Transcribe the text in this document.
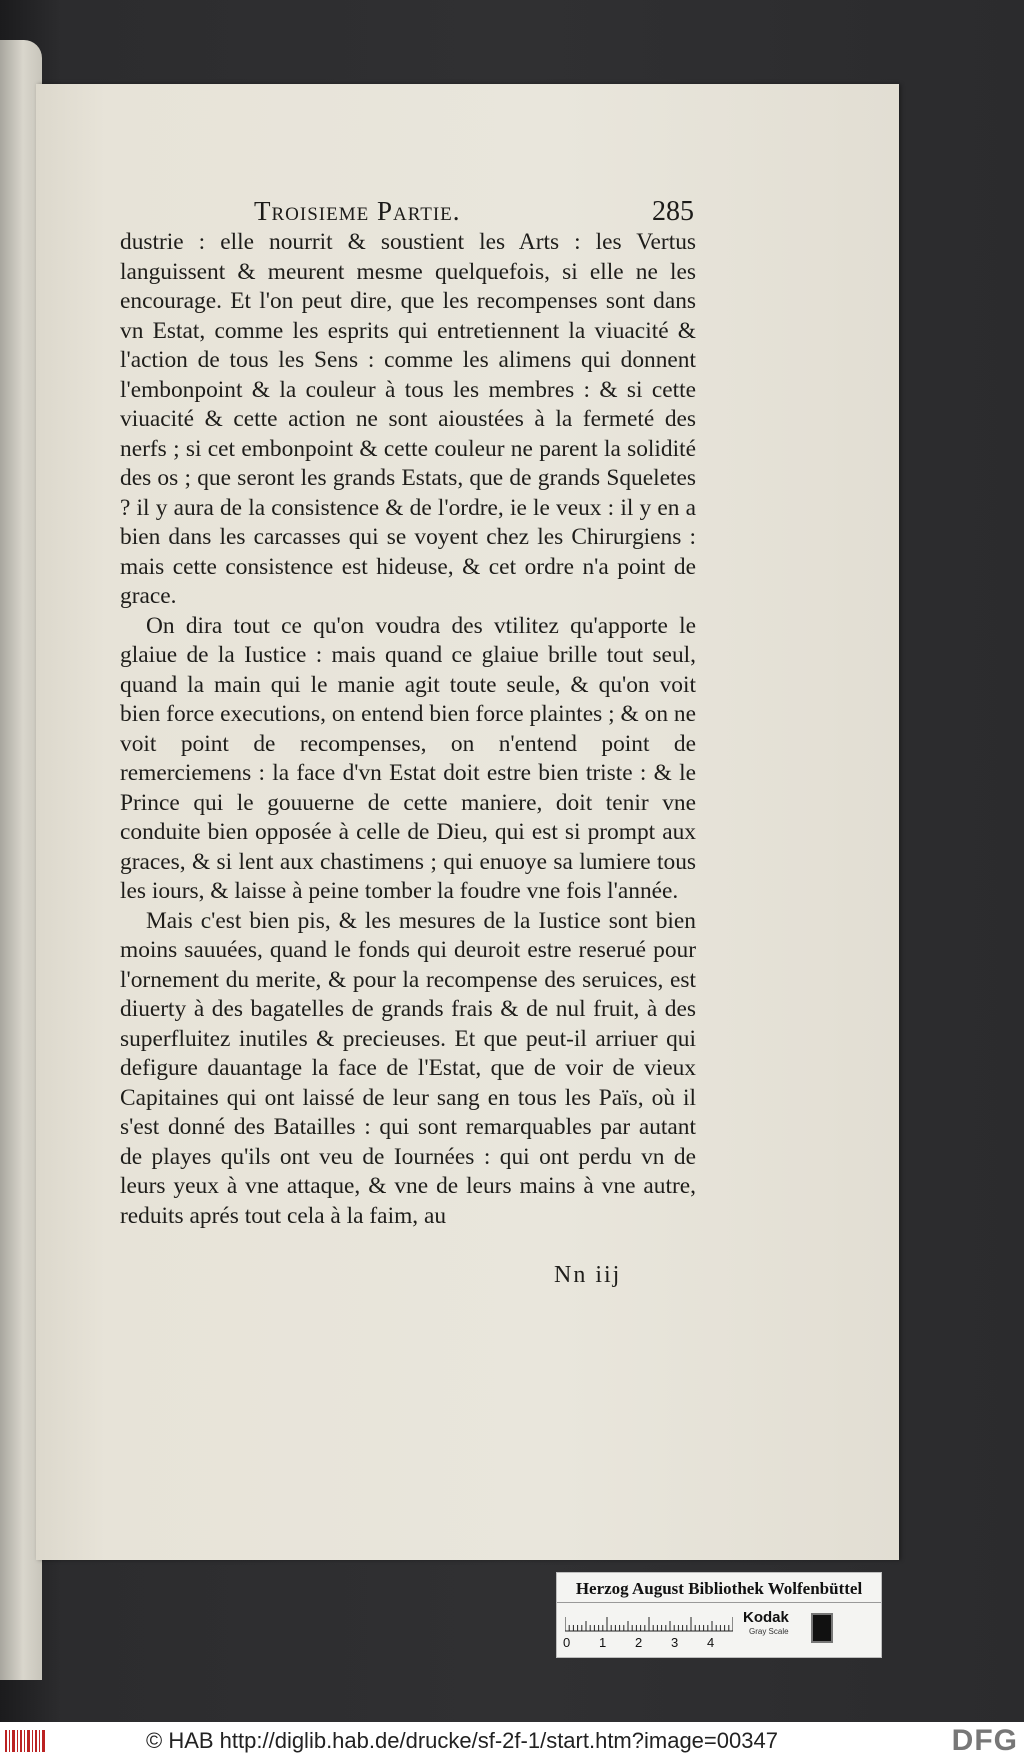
Troisieme Partie.	285

dustrie : elle nourrit & soustient les Arts : les Vertus languissent & meurent mesme quelquefois, si elle ne les encourage. Et l'on peut dire, que les recompenses sont dans vn Estat, comme les esprits qui entretiennent la viuacité & l'action de tous les Sens : comme les alimens qui donnent l'embonpoint & la couleur à tous les membres : & si cette viuacité & cette action ne sont aioustées à la fermeté des nerfs ; si cet embonpoint & cette couleur ne parent la solidité des os ; que seront les grands Estats, que de grands Squeletes ? il y aura de la consistence & de l'ordre, ie le veux : il y en a bien dans les carcasses qui se voyent chez les Chirurgiens : mais cette consistence est hideuse, & cet ordre n'a point de grace.

On dira tout ce qu'on voudra des vtilitez qu'apporte le glaiue de la Iustice : mais quand ce glaiue brille tout seul, quand la main qui le manie agit toute seule, & qu'on voit bien force executions, on entend bien force plaintes ; & on ne voit point de recompenses, on n'entend point de remerciemens : la face d'vn Estat doit estre bien triste : & le Prince qui le gouuerne de cette maniere, doit tenir vne conduite bien opposée à celle de Dieu, qui est si prompt aux graces, & si lent aux chastimens ; qui enuoye sa lumiere tous les iours, & laisse à peine tomber la foudre vne fois l'année.

Mais c'est bien pis, & les mesures de la Iustice sont bien moins sauuées, quand le fonds qui deuroit estre reserué pour l'ornement du merite, & pour la recompense des seruices, est diuerty à des bagatelles de grands frais & de nul fruit, à des superfluitez inutiles & precieuses. Et que peut-il arriuer qui defigure dauantage la face de l'Estat, que de voir de vieux Capitaines qui ont laissé de leur sang en tous les Païs, où il s'est donné des Batailles : qui sont remarquables par autant de playes qu'ils ont veu de Iournées : qui ont perdu vn de leurs yeux à vne attaque, & vne de leurs mains à vne autre, reduits aprés tout cela à la faim, au

Nn iij
Herzog August Bibliothek Wolfenbüttel
0 1 2 3 4
Kodak
Gray Scale
© HAB http://diglib.hab.de/drucke/sf-2f-1/start.htm?image=00347	DFG
